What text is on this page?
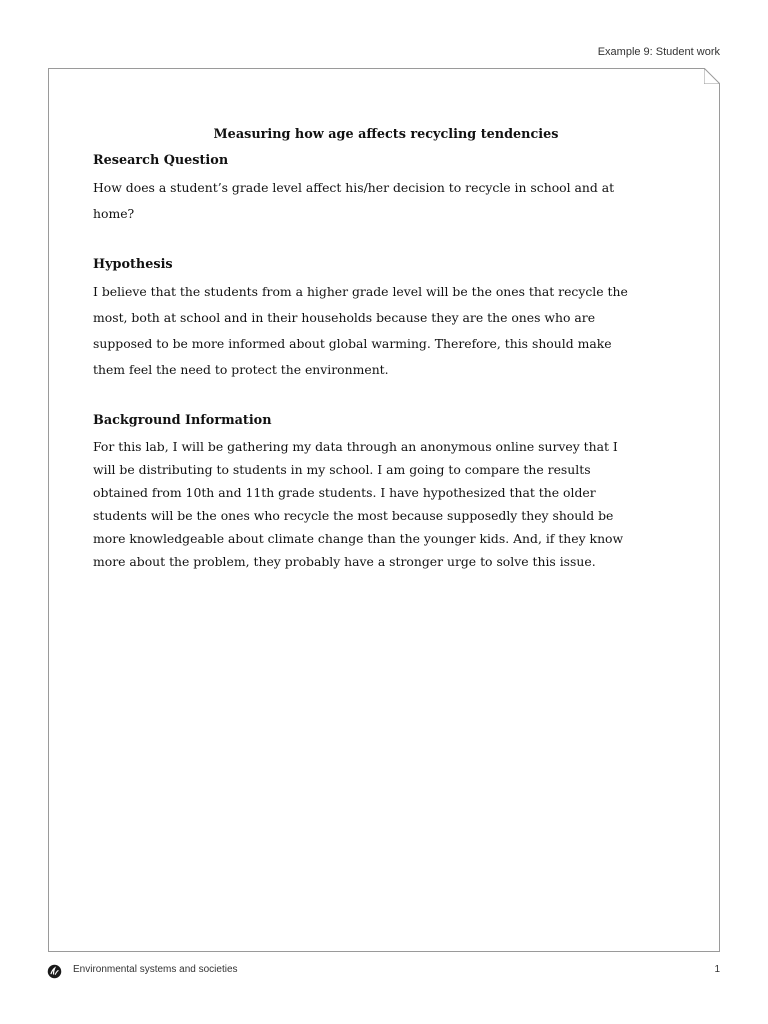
Example 9: Student work

Measuring how age affects recycling tendencies

Research Question

How does a student’s grade level affect his/her decision to recycle in school and at
home?

Hypothesis

I believe that the students from a higher grade level will be the ones that recycle the
most, both at school and in their households because they are the ones who are
supposed to be more informed about global warming. Therefore, this should make
them feel the need to protect the environment.

Background Information

For this lab, I will be gathering my data through an anonymous online survey that I
will be distributing to students in my school. I am going to compare the results
obtained from 10th and 11th grade students. I have hypothesized that the older
students will be the ones who recycle the most because supposedly they should be
more knowledgeable about climate change than the younger kids. And, if they know
more about the problem, they probably have a stronger urge to solve this issue.
Environmental systems and societies	1
